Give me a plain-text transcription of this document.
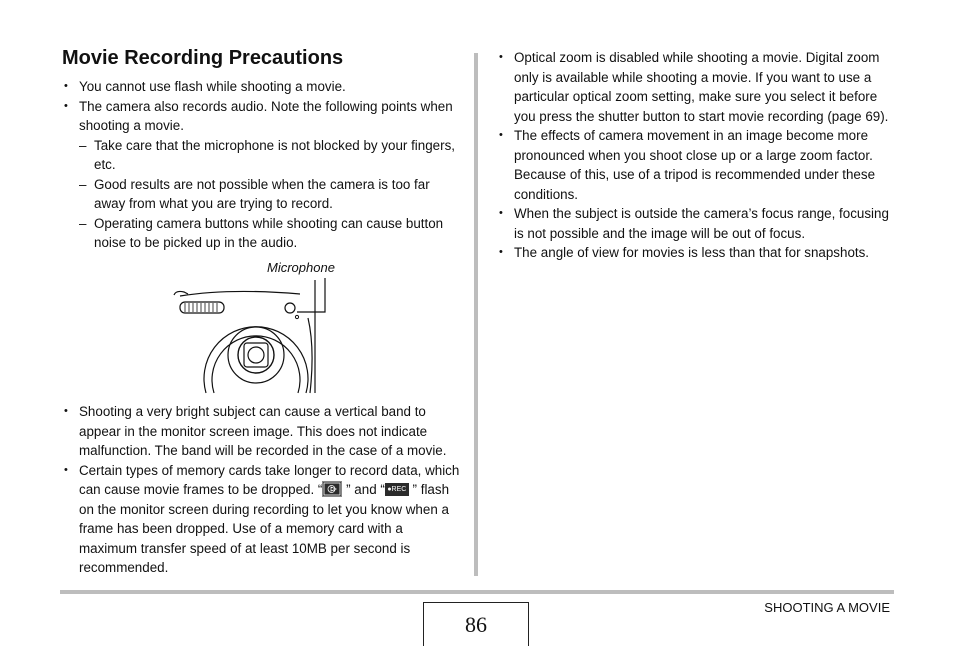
Movie Recording Precautions
• You cannot use flash while shooting a movie.
• The camera also records audio. Note the following points when shooting a movie.
– Take care that the microphone is not blocked by your fingers, etc.
– Good results are not possible when the camera is too far away from what you are trying to record.
– Operating camera buttons while shooting can cause button noise to be picked up in the audio.
Microphone
• Shooting a very bright subject can cause a vertical band to appear in the monitor screen image. This does not indicate malfunction. The band will be recorded in the case of a movie.
• Certain types of memory cards take longer to record data, which can cause movie frames to be dropped. “ ” and “ ●REC ” flash on the monitor screen during recording to let you know when a frame has been dropped. Use of a memory card with a maximum transfer speed of at least 10MB per second is recommended.
• Optical zoom is disabled while shooting a movie. Digital zoom only is available while shooting a movie. If you want to use a particular optical zoom setting, make sure you select it before you press the shutter button to start movie recording (page 69).
• The effects of camera movement in an image become more pronounced when you shoot close up or a large zoom factor. Because of this, use of a tripod is recommended under these conditions.
• When the subject is outside the camera’s focus range, focusing is not possible and the image will be out of focus.
• The angle of view for movies is less than that for snapshots.
86
SHOOTING A MOVIE
